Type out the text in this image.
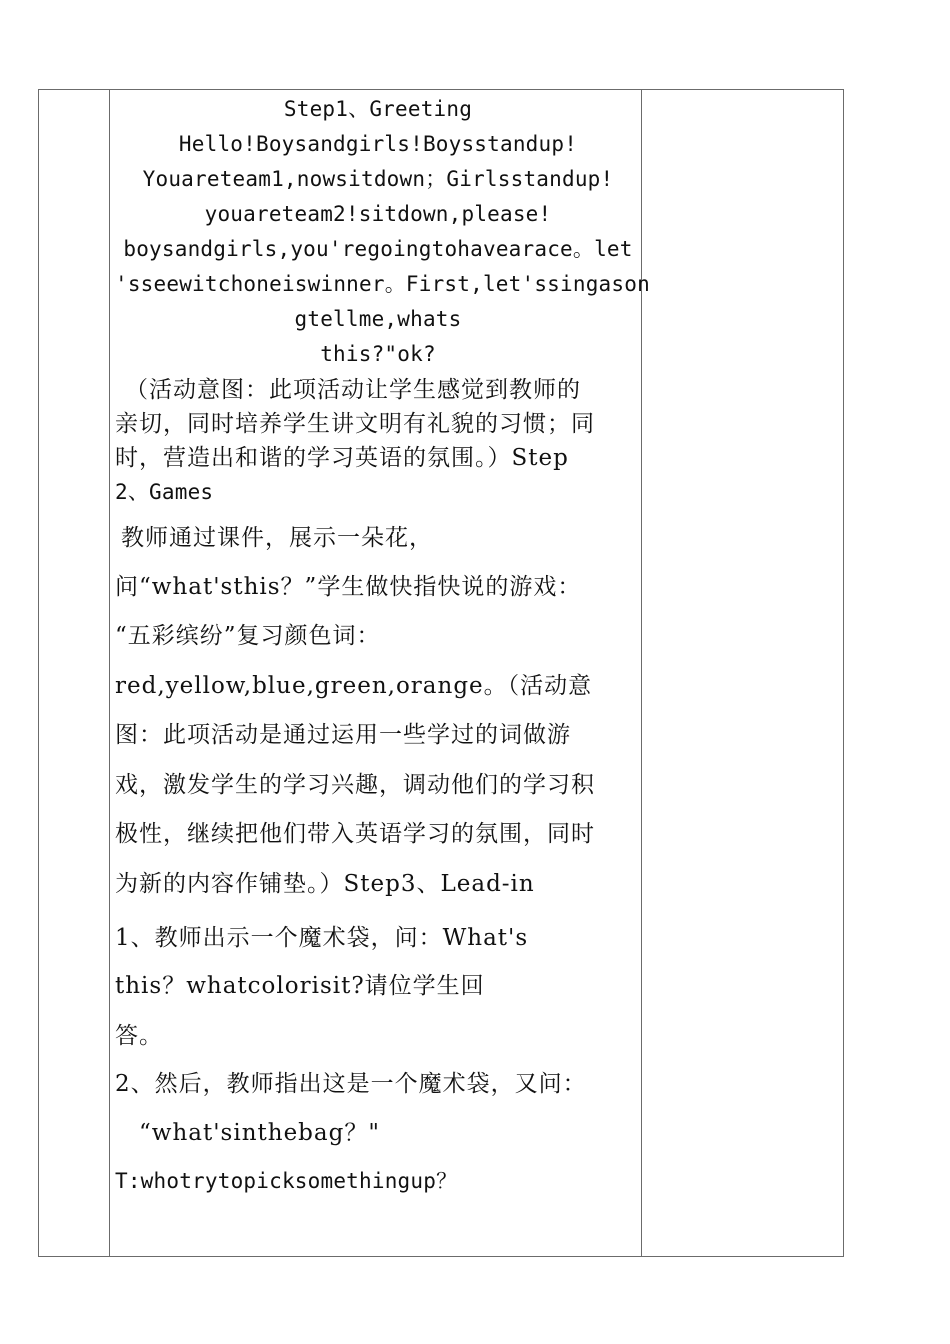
Step1、Greeting
Hello!Boysandgirls!Boysstandup!
Youareteam1,nowsitdown；Girlsstandup!
youareteam2!sitdown,please!
boysandgirls,you'regoingtohavearace。let
'sseewitchoneiswinner。First,let'ssingason
gtellme,whats
this?"ok?
（活动意图：此项活动让学生感觉到教师的
亲切，同时培养学生讲文明有礼貌的习惯；同
时，营造出和谐的学习英语的氛围。）Step
2、Games
教师通过课件，展示一朵花，
问“what'sthis？”学生做快指快说的游戏：
“五彩缤纷”复习颜色词：
red,yellow,blue,green,orange。（活动意
图：此项活动是通过运用一些学过的词做游
戏，激发学生的学习兴趣，调动他们的学习积
极性，继续把他们带入英语学习的氛围，同时
为新的内容作铺垫。）Step3、Lead-in
1、教师出示一个魔术袋，问：What's
this？whatcolorisit?请位学生回
答。
2、然后，教师指出这是一个魔术袋，又问：
“what'sinthebag？"
T:whotrytopicksomethingup？
